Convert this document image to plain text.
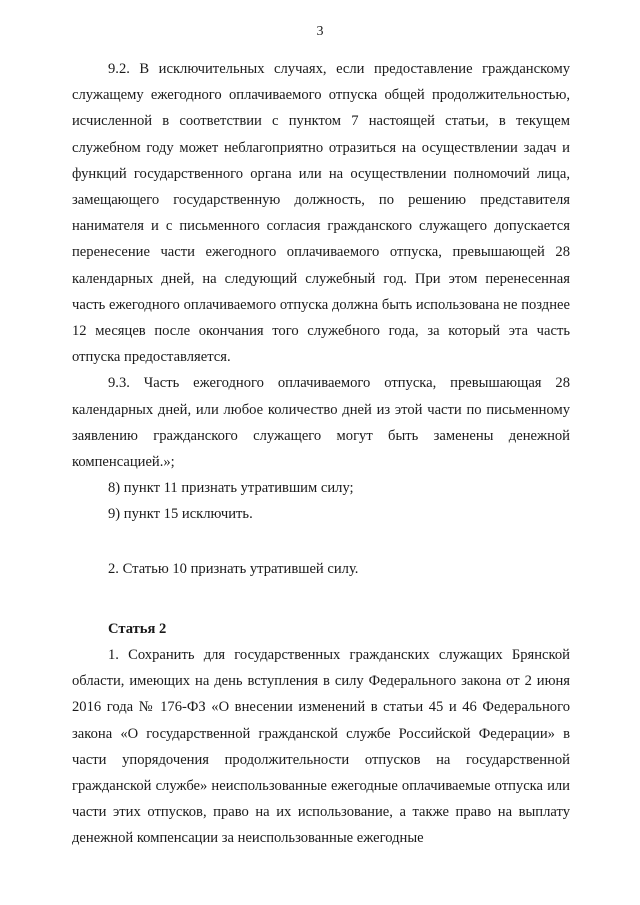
3

9.2. В исключительных случаях, если предоставление гражданскому служащему ежегодного оплачиваемого отпуска общей продолжительностью, исчисленной в соответствии с пунктом 7 настоящей статьи, в текущем служебном году может неблагоприятно отразиться на осуществлении задач и функций государственного органа или на осуществлении полномочий лица, замещающего государственную должность, по решению представителя нанимателя и с письменного согласия гражданского служащего допускается перенесение части ежегодного оплачиваемого отпуска, превышающей 28 календарных дней, на следующий служебный год. При этом перенесенная часть ежегодного оплачиваемого отпуска должна быть использована не позднее 12 месяцев после окончания того служебного года, за который эта часть отпуска предоставляется.

9.3. Часть ежегодного оплачиваемого отпуска, превышающая 28 календарных дней, или любое количество дней из этой части по письменному заявлению гражданского служащего могут быть заменены денежной компенсацией.»;

8) пункт 11 признать утратившим силу;

9) пункт 15 исключить.

2. Статью 10 признать утратившей силу.

Статья 2

1. Сохранить для государственных гражданских служащих Брянской области, имеющих на день вступления в силу Федерального закона от 2 июня 2016 года № 176-ФЗ «О внесении изменений в статьи 45 и 46 Федерального закона «О государственной гражданской службе Российской Федерации» в части упорядочения продолжительности отпусков на государственной гражданской службе» неиспользованные ежегодные оплачиваемые отпуска или части этих отпусков, право на их использование, а также право на выплату денежной компенсации за неиспользованные ежегодные
